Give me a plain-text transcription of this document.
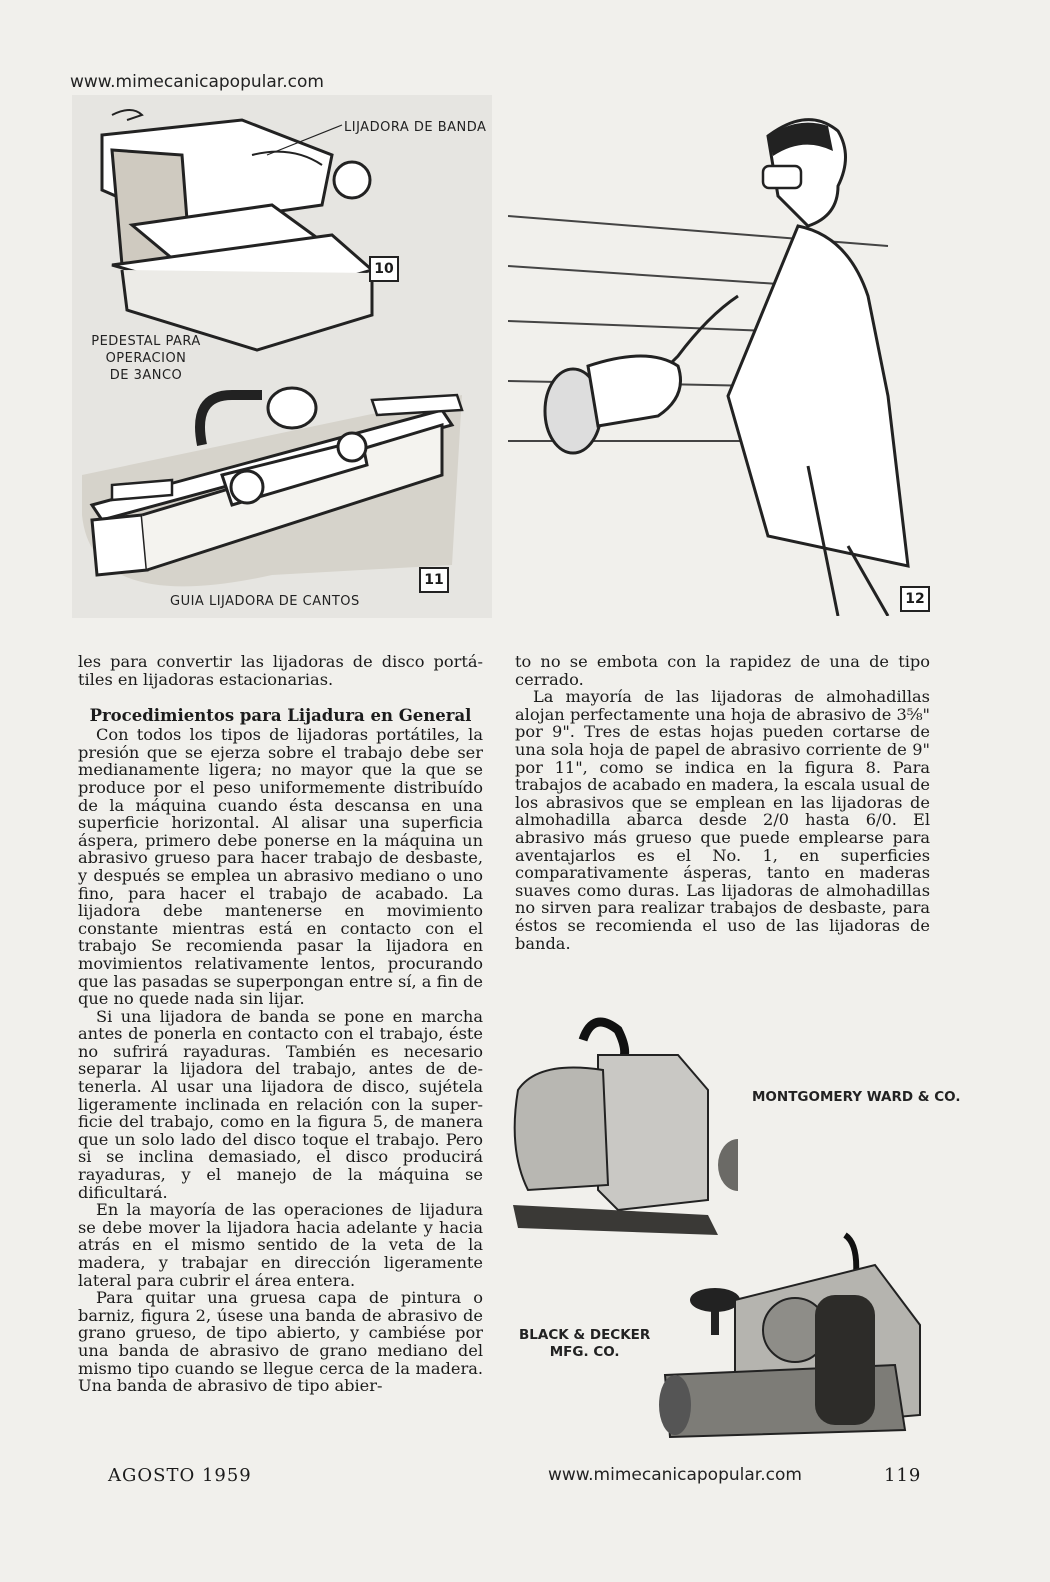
www.mimecanicapopular.com
LIJADORA DE BANDA
PEDESTAL PARA
OPERACION
DE 3ANCO
10
GUIA LIJADORA DE CANTOS
11
12

les para convertir las lijadoras de disco portátiles en lijadoras estacionarias.

Procedimientos para Lijadura en General

Con todos los tipos de lijadoras portátiles, la presión que se ejerza sobre el trabajo debe ser medianamente ligera; no mayor que la que se produce por el peso uniformemente distribuído de la máquina cuando ésta descansa en una superficie horizontal. Al alisar una superficia áspera, primero debe ponerse en la máquina un abrasivo grueso para hacer trabajo de desbaste, y después se emplea un abrasivo mediano o uno fino, para hacer el trabajo de acabado. La lijadora debe mantenerse en movimiento constante mientras está en contacto con el trabajo Se recomienda pasar la lijadora en movimientos relativamente lentos, procurando que las pasadas se superpongan entre sí, a fin de que no quede nada sin lijar.

Si una lijadora de banda se pone en marcha antes de ponerla en contacto con el trabajo, éste no sufrirá rayaduras. También es necesario separar la lijadora del trabajo, antes de detenerla. Al usar una lijadora de disco, sujétela ligeramente inclinada en relación con la superficie del trabajo, como en la figura 5, de manera que un solo lado del disco toque el trabajo. Pero si se inclina demasiado, el disco producirá rayaduras, y el manejo de la máquina se dificultará.

En la mayoría de las operaciones de lijadura se debe mover la lijadora hacia adelante y hacia atrás en el mismo sentido de la veta de la madera, y trabajar en dirección ligeramente lateral para cubrir el área entera.

Para quitar una gruesa capa de pintura o barniz, figura 2, úsese una banda de abrasivo de grano grueso, de tipo abierto, y cambiése por una banda de abrasivo de grano mediano del mismo tipo cuando se llegue cerca de la madera. Una banda de abrasivo de tipo abier-

to no se embota con la rapidez de una de tipo cerrado.

La mayoría de las lijadoras de almohadillas alojan perfectamente una hoja de abrasivo de 3⅝" por 9". Tres de estas hojas pueden cortarse de una sola hoja de papel de abrasivo corriente de 9" por 11", como se indica en la figura 8. Para trabajos de acabado en madera, la escala usual de los abrasivos que se emplean en las lijadoras de almohadilla abarca desde 2/0 hasta 6/0. El abrasivo más grueso que puede emplearse para aventajarlos es el No. 1, en superficies comparativamente ásperas, tanto en maderas suaves como duras. Las lijadoras de almohadillas no sirven para realizar trabajos de desbaste, para éstos se recomienda el uso de las lijadoras de banda.

MONTGOMERY WARD & CO.
BLACK & DECKER
MFG. CO.
AGOSTO 1959	www.mimecanicapopular.com	119
